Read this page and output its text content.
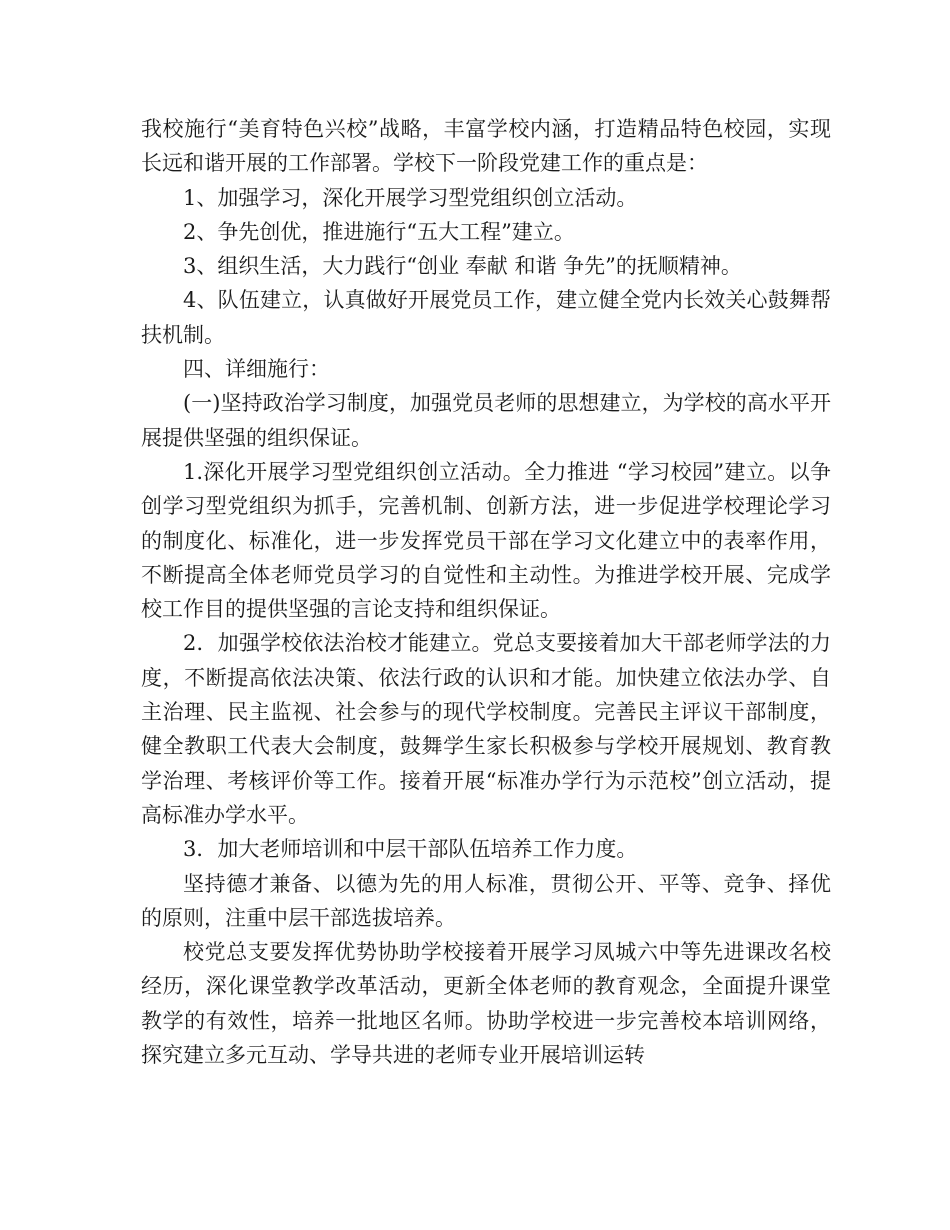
我校施行“美育特色兴校”战略，丰富学校内涵，打造精品特色校园，实现长远和谐开展的工作部署。学校下一阶段党建工作的重点是：

1、加强学习，深化开展学习型党组织创立活动。

2、争先创优，推进施行“五大工程”建立。

3、组织生活，大力践行“创业 奉献 和谐 争先”的抚顺精神。

4、队伍建立，认真做好开展党员工作，建立健全党内长效关心鼓舞帮扶机制。

四、详细施行：

(一)坚持政治学习制度，加强党员老师的思想建立，为学校的高水平开展提供坚强的组织保证。

1.深化开展学习型党组织创立活动。全力推进 “学习校园”建立。以争创学习型党组织为抓手，完善机制、创新方法，进一步促进学校理论学习的制度化、标准化，进一步发挥党员干部在学习文化建立中的表率作用，不断提高全体老师党员学习的自觉性和主动性。为推进学校开展、完成学校工作目的提供坚强的言论支持和组织保证。

2．加强学校依法治校才能建立。党总支要接着加大干部老师学法的力度，不断提高依法决策、依法行政的认识和才能。加快建立依法办学、自主治理、民主监视、社会参与的现代学校制度。完善民主评议干部制度，健全教职工代表大会制度，鼓舞学生家长积极参与学校开展规划、教育教学治理、考核评价等工作。接着开展“标准办学行为示范校”创立活动，提高标准办学水平。

3．加大老师培训和中层干部队伍培养工作力度。

坚持德才兼备、以德为先的用人标准，贯彻公开、平等、竞争、择优的原则，注重中层干部选拔培养。

校党总支要发挥优势协助学校接着开展学习凤城六中等先进课改名校经历，深化课堂教学改革活动，更新全体老师的教育观念，全面提升课堂教学的有效性，培养一批地区名师。协助学校进一步完善校本培训网络，探究建立多元互动、学导共进的老师专业开展培训运转
